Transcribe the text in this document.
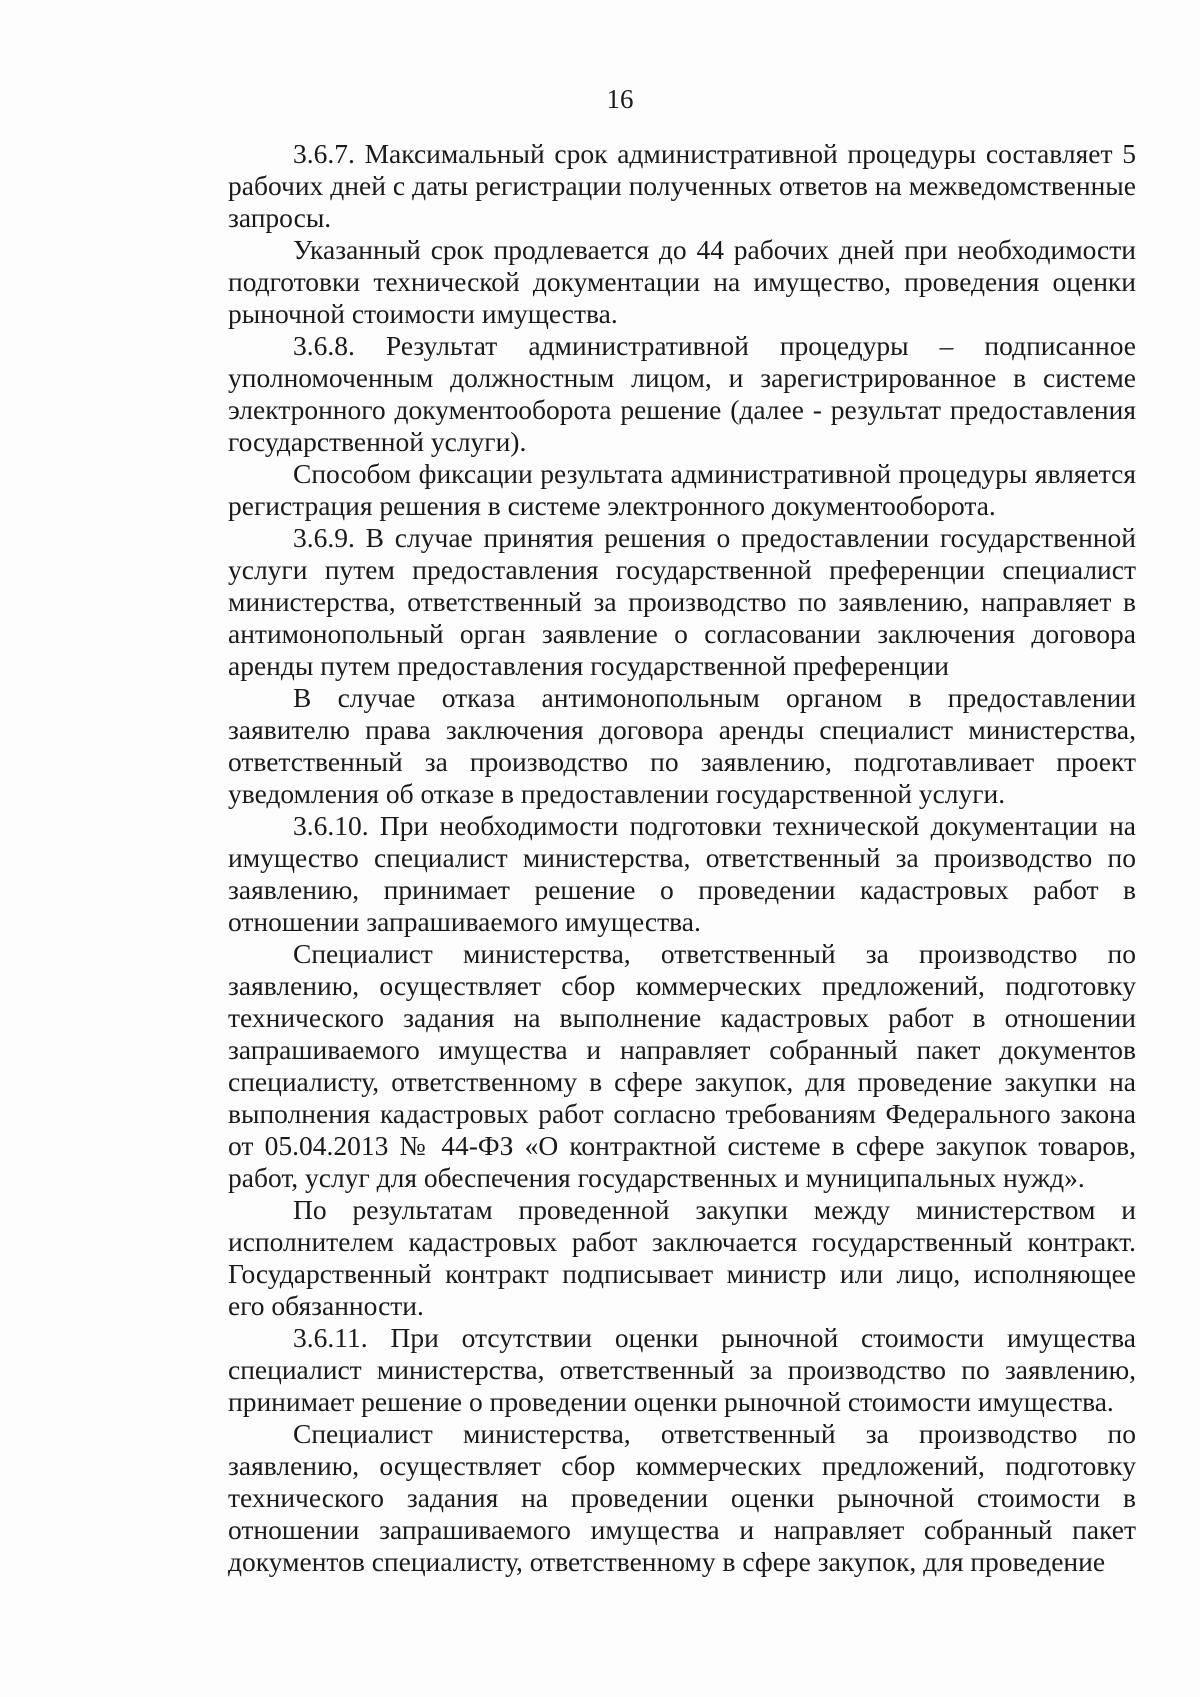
16

3.6.7. Максимальный срок административной процедуры составляет 5 рабочих дней с даты регистрации полученных ответов на межведомственные запросы.

Указанный срок продлевается до 44 рабочих дней при необходимости подготовки технической документации на имущество, проведения оценки рыночной стоимости имущества.

3.6.8. Результат административной процедуры – подписанное уполномоченным должностным лицом, и зарегистрированное в системе электронного документооборота решение (далее - результат предоставления государственной услуги).

Способом фиксации результата административной процедуры является регистрация решения в системе электронного документооборота.

3.6.9. В случае принятия решения о предоставлении государственной услуги путем предоставления государственной преференции специалист министерства, ответственный за производство по заявлению, направляет в антимонопольный орган заявление о согласовании заключения договора аренды путем предоставления государственной преференции

В случае отказа антимонопольным органом в предоставлении заявителю права заключения договора аренды специалист министерства, ответственный за производство по заявлению, подготавливает проект уведомления об отказе в предоставлении государственной услуги.

3.6.10. При необходимости подготовки технической документации на имущество специалист министерства, ответственный за производство по заявлению, принимает решение о проведении кадастровых работ в отношении запрашиваемого имущества.

Специалист министерства, ответственный за производство по заявлению, осуществляет сбор коммерческих предложений, подготовку технического задания на выполнение кадастровых работ в отношении запрашиваемого имущества и направляет собранный пакет документов специалисту, ответственному в сфере закупок, для проведение закупки на выполнения кадастровых работ согласно требованиям Федерального закона от 05.04.2013 № 44-ФЗ «О контрактной системе в сфере закупок товаров, работ, услуг для обеспечения государственных и муниципальных нужд».

По результатам проведенной закупки между министерством и исполнителем кадастровых работ заключается государственный контракт. Государственный контракт подписывает министр или лицо, исполняющее его обязанности.

3.6.11. При отсутствии оценки рыночной стоимости имущества специалист министерства, ответственный за производство по заявлению, принимает решение о проведении оценки рыночной стоимости имущества.

Специалист министерства, ответственный за производство по заявлению, осуществляет сбор коммерческих предложений, подготовку технического задания на проведении оценки рыночной стоимости в отношении запрашиваемого имущества и направляет собранный пакет документов специалисту, ответственному в сфере закупок, для проведение
